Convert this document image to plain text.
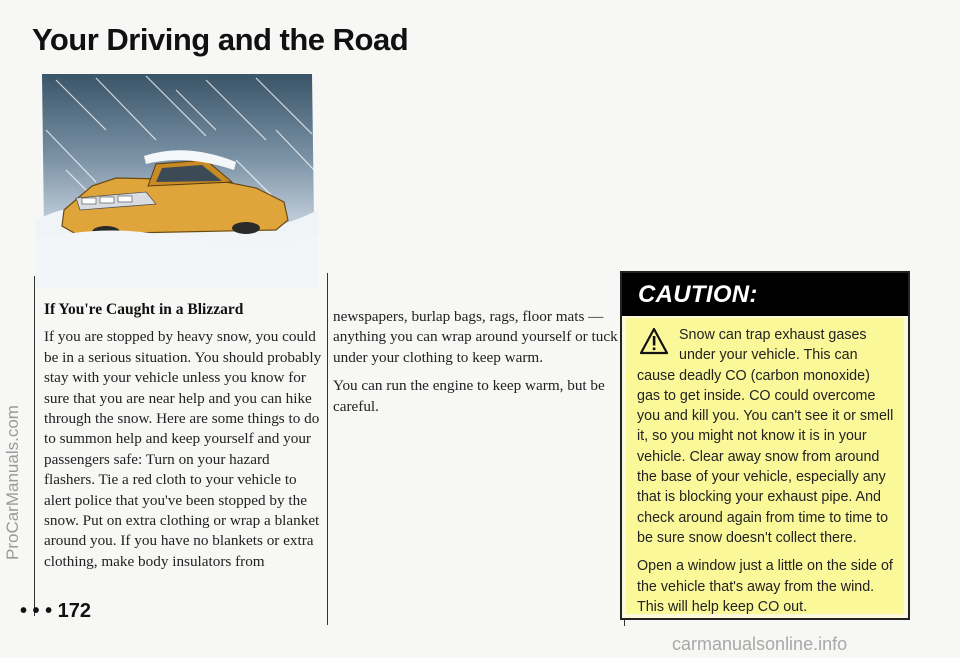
Your Driving and the Road
If You're Caught in a Blizzard

If you are stopped by heavy snow, you could be in a serious situation. You should probably stay with your vehicle unless you know for sure that you are near help and you can hike through the snow. Here are some things to do to summon help and keep yourself and your passengers safe: Turn on your hazard flashers. Tie a red cloth to your vehicle to alert police that you've been stopped by the snow. Put on extra clothing or wrap a blanket around you. If you have no blankets or extra clothing, make body insulators from

newspapers, burlap bags, rags, floor mats — anything you can wrap around yourself or tuck under your clothing to keep warm.

You can run the engine to keep warm, but be careful.

CAUTION:

Snow can trap exhaust gases under your vehicle. This can cause deadly CO (carbon monoxide) gas to get inside. CO could overcome you and kill you. You can't see it or smell it, so you might not know it is in your vehicle. Clear away snow from around the base of your vehicle, especially any that is blocking your exhaust pipe. And check around again from time to time to be sure snow doesn't collect there.

Open a window just a little on the side of the vehicle that's away from the wind. This will help keep CO out.

• • • 172
ProCarManuals.com
carmanualsonline.info
